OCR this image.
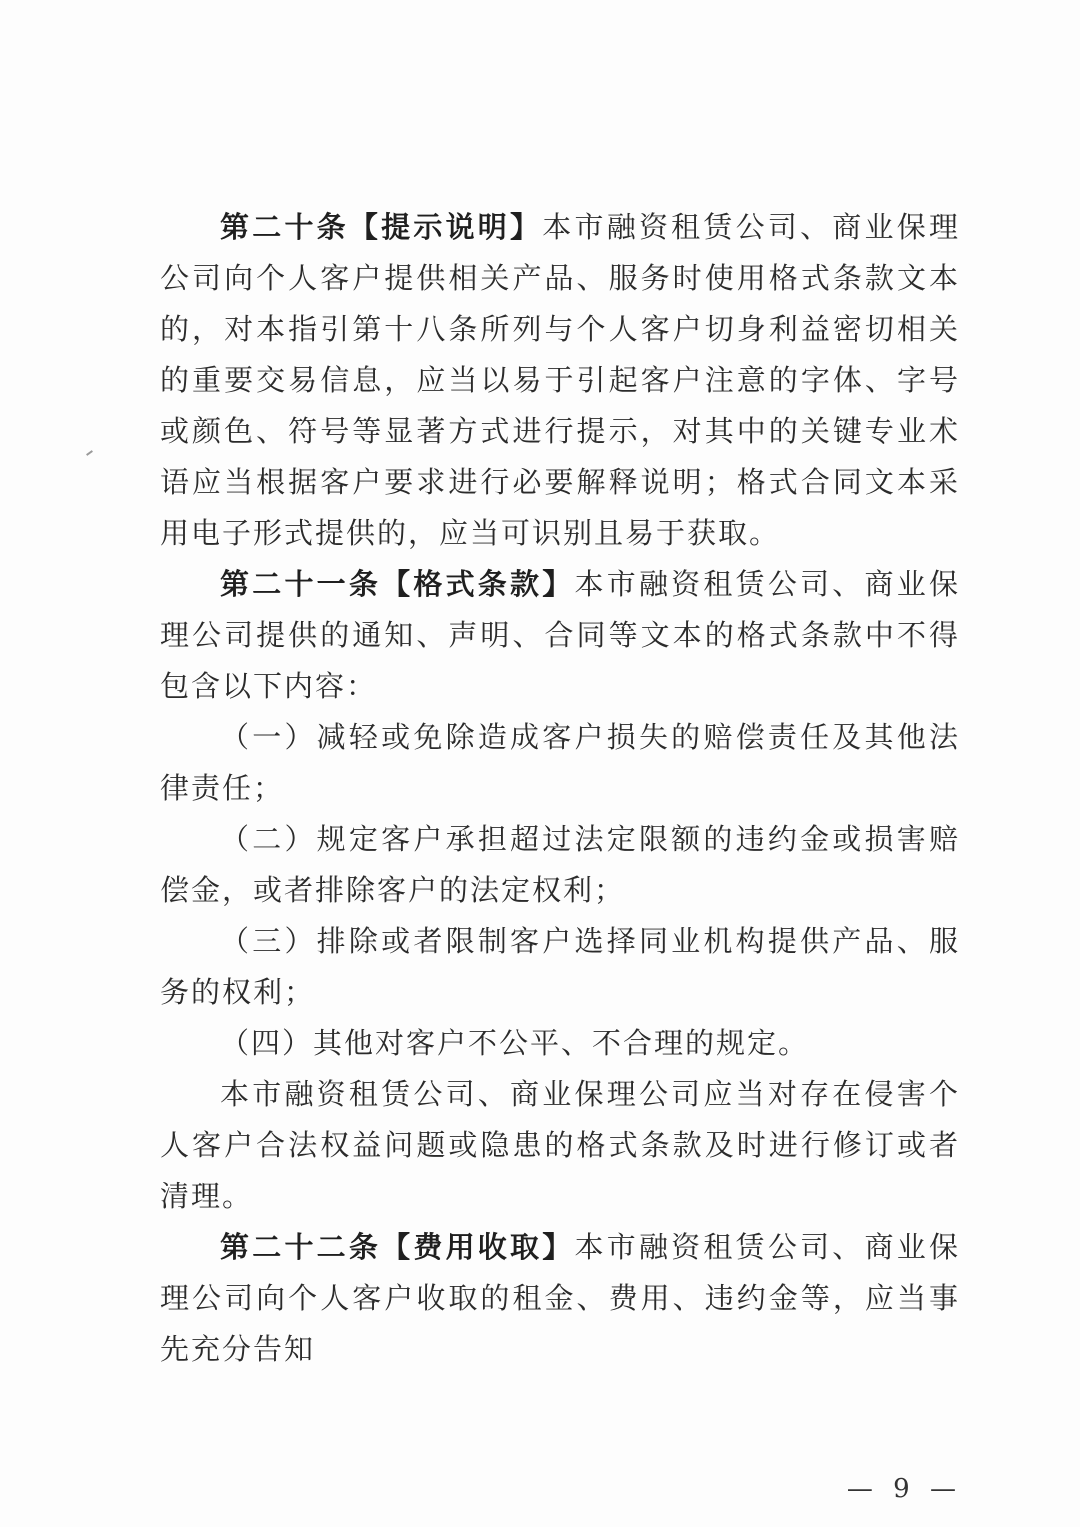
第二十条【提示说明】本市融资租赁公司、商业保理公司向个人客户提供相关产品、服务时使用格式条款文本的，对本指引第十八条所列与个人客户切身利益密切相关的重要交易信息，应当以易于引起客户注意的字体、字号或颜色、符号等显著方式进行提示，对其中的关键专业术语应当根据客户要求进行必要解释说明；格式合同文本采用电子形式提供的，应当可识别且易于获取。

第二十一条【格式条款】本市融资租赁公司、商业保理公司提供的通知、声明、合同等文本的格式条款中不得包含以下内容：

（一）减轻或免除造成客户损失的赔偿责任及其他法律责任；

（二）规定客户承担超过法定限额的违约金或损害赔偿金，或者排除客户的法定权利；

（三）排除或者限制客户选择同业机构提供产品、服务的权利；

（四）其他对客户不公平、不合理的规定。

本市融资租赁公司、商业保理公司应当对存在侵害个人客户合法权益问题或隐患的格式条款及时进行修订或者清理。

第二十二条【费用收取】本市融资租赁公司、商业保理公司向个人客户收取的租金、费用、违约金等，应当事先充分告知

— 9 —
